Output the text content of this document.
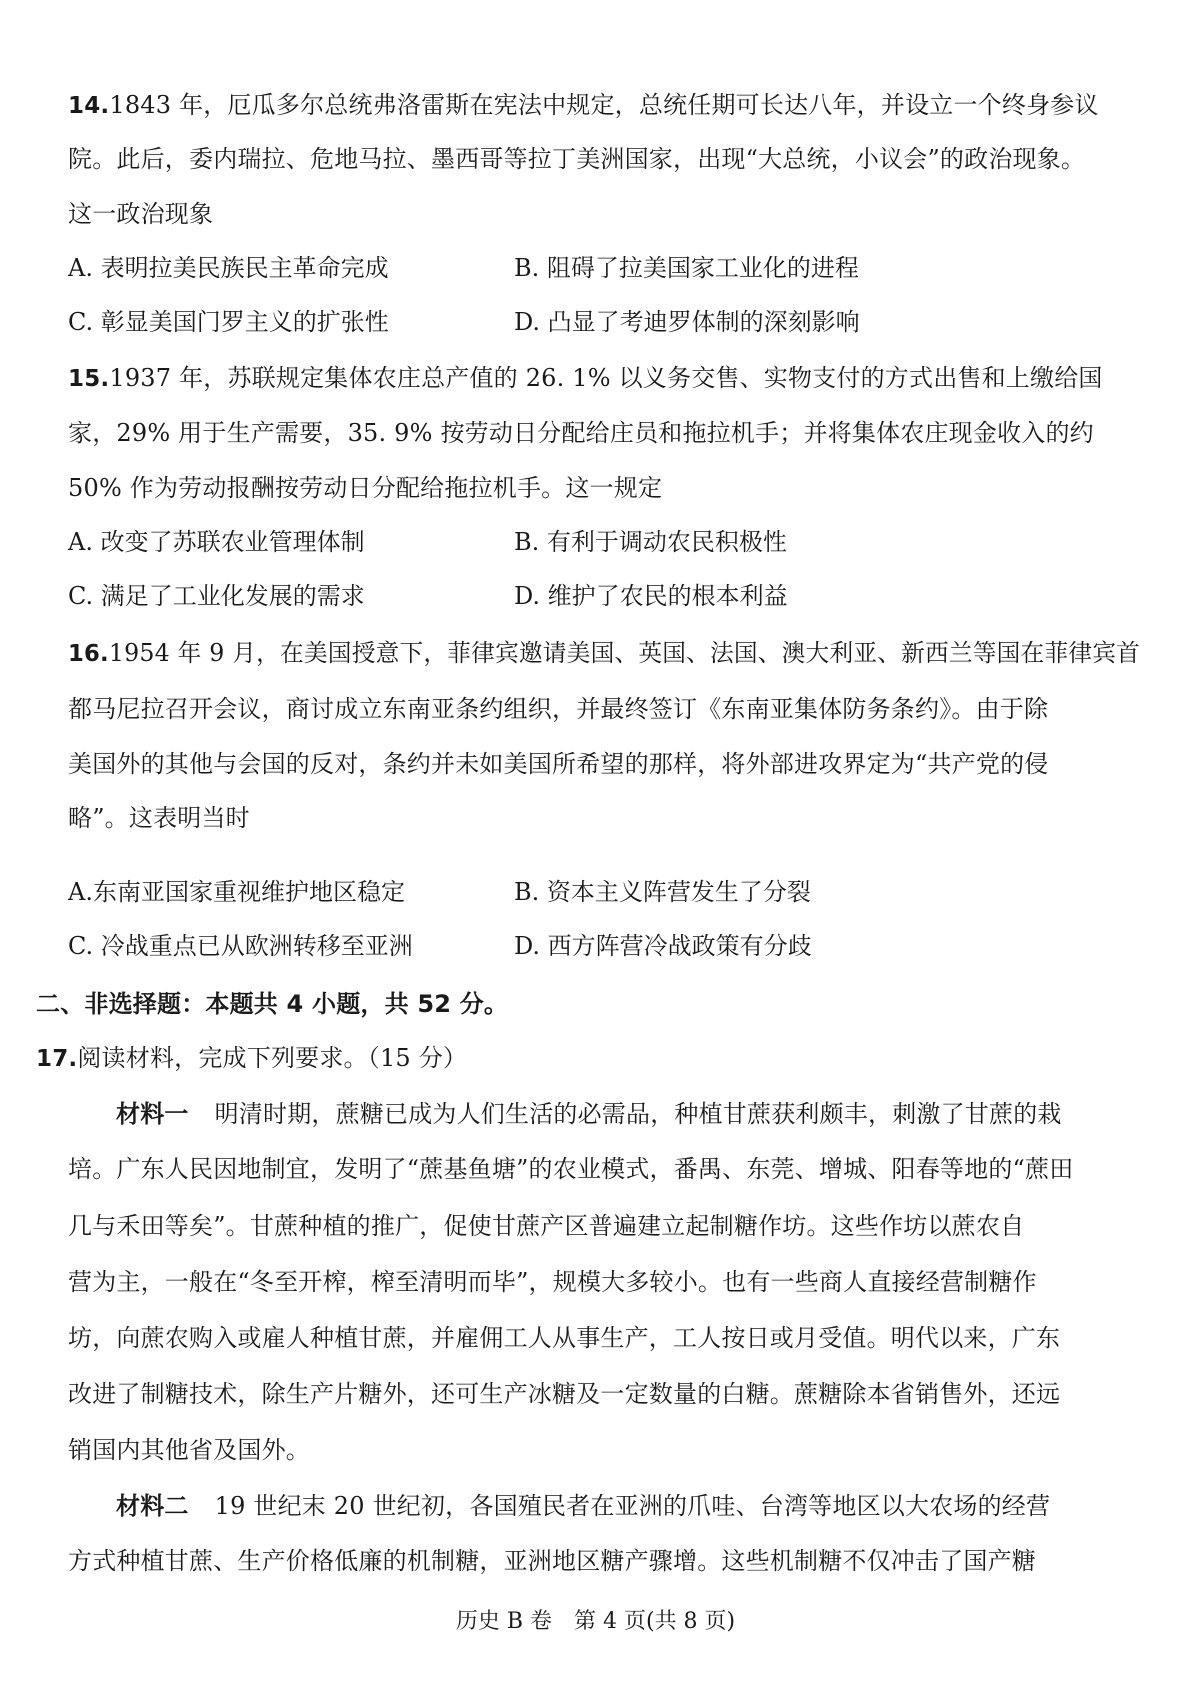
14.1843 年，厄瓜多尔总统弗洛雷斯在宪法中规定，总统任期可长达八年，并设立一个终身参议
院。此后，委内瑞拉、危地马拉、墨西哥等拉丁美洲国家，出现“大总统，小议会”的政治现象。
这一政治现象
A. 表明拉美民族民主革命完成	B. 阻碍了拉美国家工业化的进程
C. 彰显美国门罗主义的扩张性	D. 凸显了考迪罗体制的深刻影响
15.1937 年，苏联规定集体农庄总产值的 26. 1% 以义务交售、实物支付的方式出售和上缴给国
家，29% 用于生产需要，35. 9% 按劳动日分配给庄员和拖拉机手；并将集体农庄现金收入的约
50% 作为劳动报酬按劳动日分配给拖拉机手。这一规定
A. 改变了苏联农业管理体制	B. 有利于调动农民积极性
C. 满足了工业化发展的需求	D. 维护了农民的根本利益
16.1954 年 9 月，在美国授意下，菲律宾邀请美国、英国、法国、澳大利亚、新西兰等国在菲律宾首
都马尼拉召开会议，商讨成立东南亚条约组织，并最终签订《东南亚集体防务条约》。由于除
美国外的其他与会国的反对，条约并未如美国所希望的那样，将外部进攻界定为“共产党的侵
略”。这表明当时
A.东南亚国家重视维护地区稳定	B. 资本主义阵营发生了分裂
C. 冷战重点已从欧洲转移至亚洲	D. 西方阵营冷战政策有分歧
二、非选择题：本题共 4 小题，共 52 分。
17.阅读材料，完成下列要求。（15 分）
材料一 明清时期，蔗糖已成为人们生活的必需品，种植甘蔗获利颇丰，刺激了甘蔗的栽
培。广东人民因地制宜，发明了“蔗基鱼塘”的农业模式，番禺、东莞、增城、阳春等地的“蔗田
几与禾田等矣”。甘蔗种植的推广，促使甘蔗产区普遍建立起制糖作坊。这些作坊以蔗农自
营为主，一般在“冬至开榨，榨至清明而毕”，规模大多较小。也有一些商人直接经营制糖作
坊，向蔗农购入或雇人种植甘蔗，并雇佣工人从事生产，工人按日或月受值。明代以来，广东
改进了制糖技术，除生产片糖外，还可生产冰糖及一定数量的白糖。蔗糖除本省销售外，还远
销国内其他省及国外。
材料二 19 世纪末 20 世纪初，各国殖民者在亚洲的爪哇、台湾等地区以大农场的经营
方式种植甘蔗、生产价格低廉的机制糖，亚洲地区糖产骤增。这些机制糖不仅冲击了国产糖
历史 B 卷　第 4 页(共 8 页)
